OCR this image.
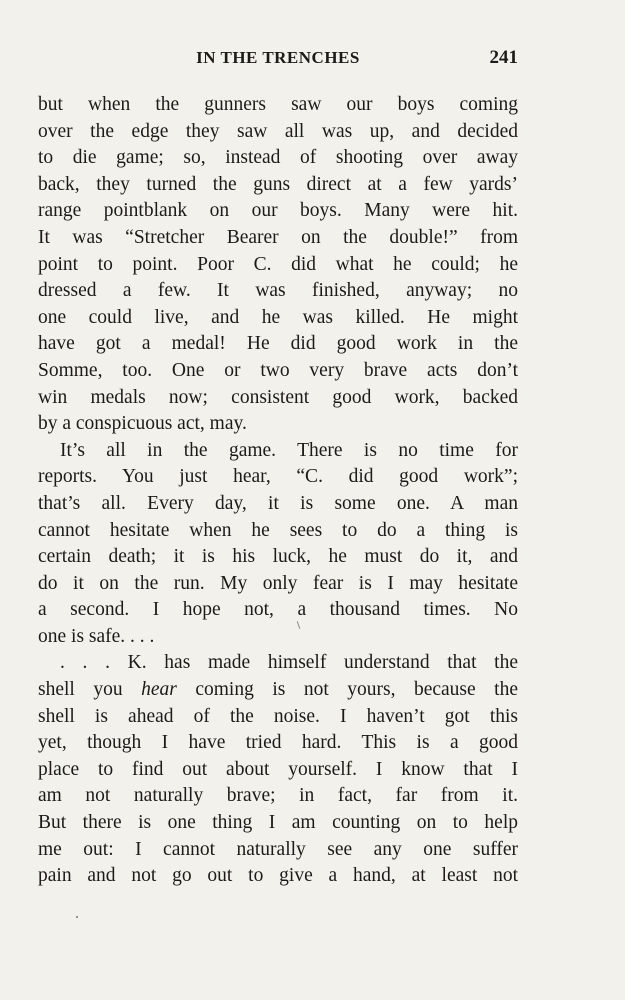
IN THE TRENCHES	241
but when the gunners saw our boys coming
over the edge they saw all was up, and decided
to die game; so, instead of shooting over away
back, they turned the guns direct at a few yards’
range pointblank on our boys. Many were hit.
It was “Stretcher Bearer on the double!” from
point to point. Poor C. did what he could; he
dressed a few. It was finished, anyway; no
one could live, and he was killed. He might
have got a medal! He did good work in the
Somme, too. One or two very brave acts don’t
win medals now; consistent good work, backed
by a conspicuous act, may.
It’s all in the game. There is no time for
reports. You just hear, “C. did good work”;
that’s all. Every day, it is some one. A man
cannot hesitate when he sees to do a thing is
certain death; it is his luck, he must do it, and
do it on the run. My only fear is I may hesitate
a second. I hope not, a thousand times. No
one is safe. . . .
. . . K. has made himself understand that the
shell you hear coming is not yours, because the
shell is ahead of the noise. I haven’t got this
yet, though I have tried hard. This is a good
place to find out about yourself. I know that I
am not naturally brave; in fact, far from it.
But there is one thing I am counting on to help
me out: I cannot naturally see any one suffer
pain and not go out to give a hand, at least not
